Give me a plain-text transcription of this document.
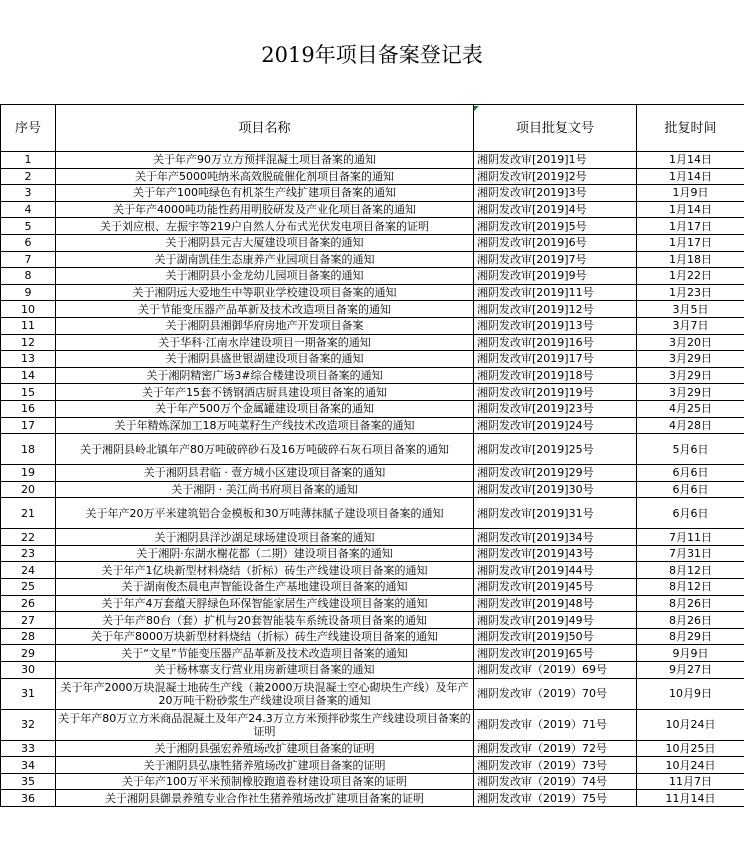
2019年项目备案登记表
序号	项目名称	项目批复文号	批复时间
1	关于年产90万立方预拌混凝土项目备案的通知	湘阴发改审[2019]1号	1月14日
2	关于年产5000吨纳米高效脱硫催化剂项目备案的通知	湘阴发改审[2019]2号	1月14日
3	关于年产100吨绿色有机茶生产线扩建项目备案的通知	湘阴发改审[2019]3号	1月9日
4	关于年产4000吨功能性药用明胶研发及产业化项目备案的通知	湘阴发改审[2019]4号	1月14日
5	关于刘应根、左振宇等219户自然人分布式光伏发电项目备案的证明	湘阴发改审[2019]5号	1月17日
6	关于湘阴县元吉大厦建设项目备案的通知	湘阴发改审[2019]6号	1月17日
7	关于湖南凯佳生态康养产业园项目备案的通知	湘阴发改审[2019]7号	1月18日
8	关于湘阴县小金龙幼儿园项目备案的通知	湘阴发改审[2019]9号	1月22日
9	关于湘阴远大爱地生中等职业学校建设项目备案的通知	湘阴发改审[2019]11号	1月23日
10	关于节能变压器产品革新及技术改造项目备案的通知	湘阴发改审[2019]12号	3月5日
11	关于湘阴县湘御华府房地产开发项目备案	湘阴发改审[2019]13号	3月7日
12	关于华科·江南水岸建设项目一期备案的通知	湘阴发改审[2019]16号	3月20日
13	关于湘阴县盛世银湖建设项目备案的通知	湘阴发改审[2019]17号	3月29日
14	关于湘阴精密广场3#综合楼建设项目备案的通知	湘阴发改审[2019]18号	3月29日
15	关于年产15套不锈钢酒店厨具建设项目备案的通知	湘阴发改审[2019]19号	3月29日
16	关于年产500万个金属罐建设项目备案的通知	湘阴发改审[2019]23号	4月25日
17	关于年精炼深加工18万吨菜籽生产线技术改造项目备案的通知	湘阴发改审[2019]24号	4月28日
18	关于湘阴县岭北镇年产80万吨破碎砂石及16万吨破碎石灰石项目备案的通知	湘阴发改审[2019]25号	5月6日
19	关于湘阴县君临 · 壹方城小区建设项目备案的通知	湘阴发改审[2019]29号	6月6日
20	关于湘阴 · 美江尚书府项目备案的通知	湘阴发改审[2019]30号	6月6日
21	关于年产20万平米建筑铝合金模板和30万吨薄抹腻子建设项目备案的通知	湘阴发改审[2019]31号	6月6日
22	关于湘阴县洋沙湖足球场建设项目备案的通知	湘阴发改审[2019]34号	7月11日
23	关于湘阴·东湖水榭花都（二期）建设项目备案的通知	湘阴发改审[2019]43号	7月31日
24	关于年产1亿块新型材料烧结（折标）砖生产线建设项目备案的通知	湘阴发改审[2019]44号	8月12日
25	关于湖南俊杰晨电声智能设备生产基地建设项目备案的通知	湘阴发改审[2019]45号	8月12日
26	关于年产4万套蕴天脬绿色环保智能家居生产线建设项目备案的通知	湘阴发改审[2019]48号	8月26日
27	关于年产80台（套）扩机与20套智能装车系统设备项目备案的通知	湘阴发改审[2019]49号	8月26日
28	关于年产8000万块新型材料烧结（折标）砖生产线建设项目备案的通知	湘阴发改审[2019]50号	8月29日
29	关于“文星”节能变压器产品革新及技术改造项目备案的通知	湘阴发改审[2019]65号	9月9日
30	关于杨林寨支行营业用房新建项目备案的通知	湘阴发改审（2019）69号	9月27日
31	关于年产2000万块混凝土地砖生产线（兼2000万块混凝土空心砌块生产线）及年产20万吨干粉砂浆生产线建设项目备案的通知	湘阴发改审（2019）70号	10月9日
32	关于年产80万立方米商品混凝土及年产24.3万立方米预拌砂浆生产线建设项目备案的证明	湘阴发改审（2019）71号	10月24日
33	关于湘阴县强宏养殖场改扩建项目备案的证明	湘阴发改审（2019）72号	10月25日
34	关于湘阴县弘康牲猪养殖场改扩建项目备案的证明	湘阴发改审（2019）73号	10月24日
35	关于年产100万平米预制橡胶跑道卷材建设项目备案的证明	湘阴发改审（2019）74号	11月7日
36	关于湘阴县御景养殖专业合作社生猪养殖场改扩建项目备案的证明	湘阴发改审（2019）75号	11月14日
